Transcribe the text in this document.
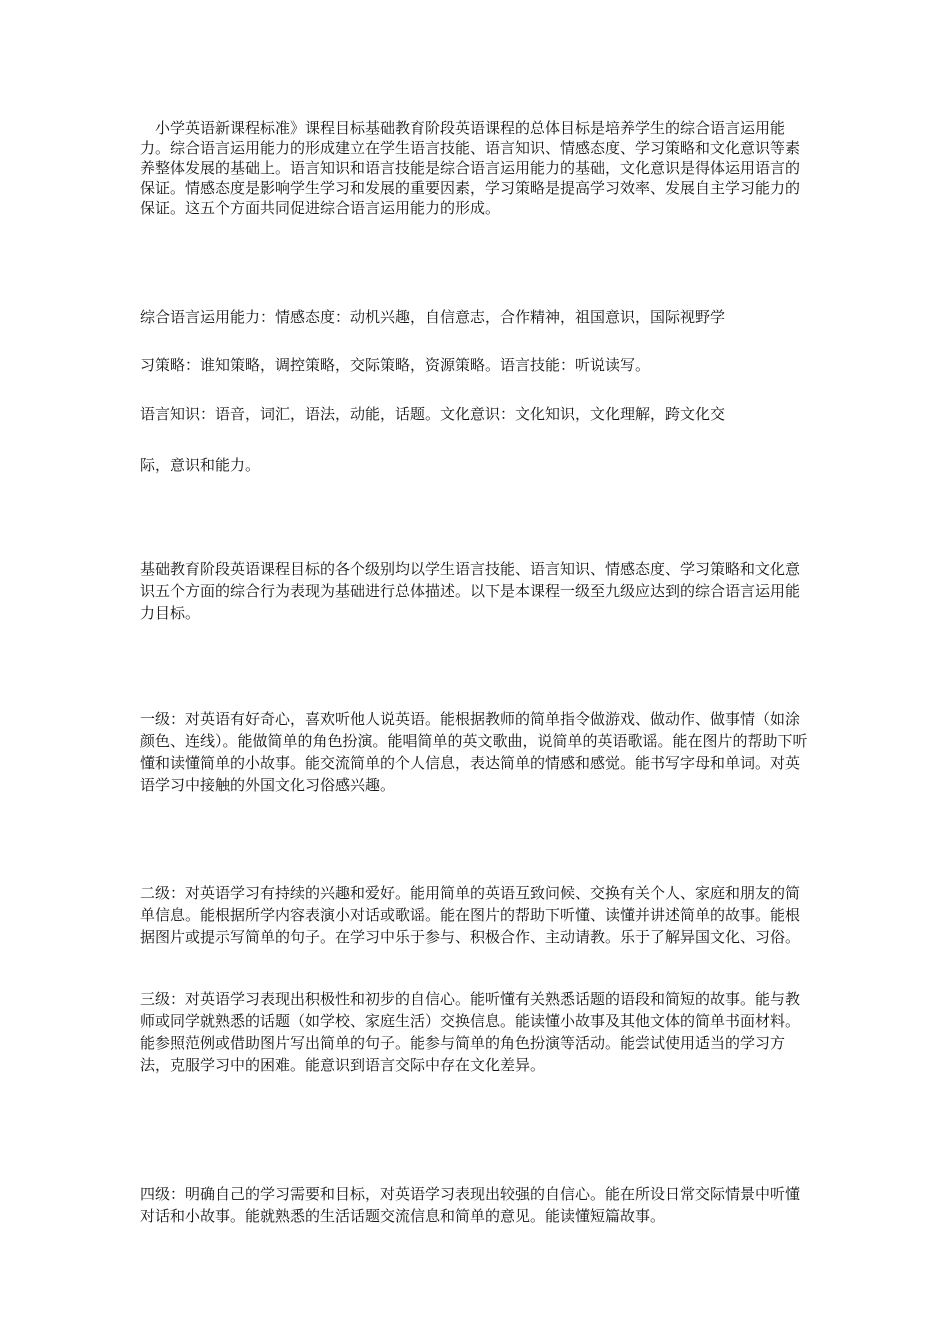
小学英语新课程标准》课程目标基础教育阶段英语课程的总体目标是培养学生的综合语言运用能力。综合语言运用能力的形成建立在学生语言技能、语言知识、情感态度、学习策略和文化意识等素养整体发展的基础上。语言知识和语言技能是综合语言运用能力的基础，文化意识是得体运用语言的保证。情感态度是影响学生学习和发展的重要因素，学习策略是提高学习效率、发展自主学习能力的保证。这五个方面共同促进综合语言运用能力的形成。

综合语言运用能力：情感态度：动机兴趣，自信意志，合作精神，祖国意识，国际视野学

习策略：谁知策略，调控策略，交际策略，资源策略。语言技能：听说读写。

语言知识：语音，词汇，语法，动能，话题。文化意识：文化知识，文化理解，跨文化交

际，意识和能力。

基础教育阶段英语课程目标的各个级别均以学生语言技能、语言知识、情感态度、学习策略和文化意识五个方面的综合行为表现为基础进行总体描述。以下是本课程一级至九级应达到的综合语言运用能力目标。

一级：对英语有好奇心，喜欢听他人说英语。能根据教师的简单指令做游戏、做动作、做事情（如涂颜色、连线）。能做简单的角色扮演。能唱简单的英文歌曲，说简单的英语歌谣。能在图片的帮助下听懂和读懂简单的小故事。能交流简单的个人信息，表达简单的情感和感觉。能书写字母和单词。对英语学习中接触的外国文化习俗感兴趣。

二级：对英语学习有持续的兴趣和爱好。能用简单的英语互致问候、交换有关个人、家庭和朋友的简单信息。能根据所学内容表演小对话或歌谣。能在图片的帮助下听懂、读懂并讲述简单的故事。能根据图片或提示写简单的句子。在学习中乐于参与、积极合作、主动请教。乐于了解异国文化、习俗。

三级：对英语学习表现出积极性和初步的自信心。能听懂有关熟悉话题的语段和简短的故事。能与教师或同学就熟悉的话题（如学校、家庭生活）交换信息。能读懂小故事及其他文体的简单书面材料。能参照范例或借助图片写出简单的句子。能参与简单的角色扮演等活动。能尝试使用适当的学习方法，克服学习中的困难。能意识到语言交际中存在文化差异。

四级：明确自己的学习需要和目标，对英语学习表现出较强的自信心。能在所设日常交际情景中听懂对话和小故事。能就熟悉的生活话题交流信息和简单的意见。能读懂短篇故事。
